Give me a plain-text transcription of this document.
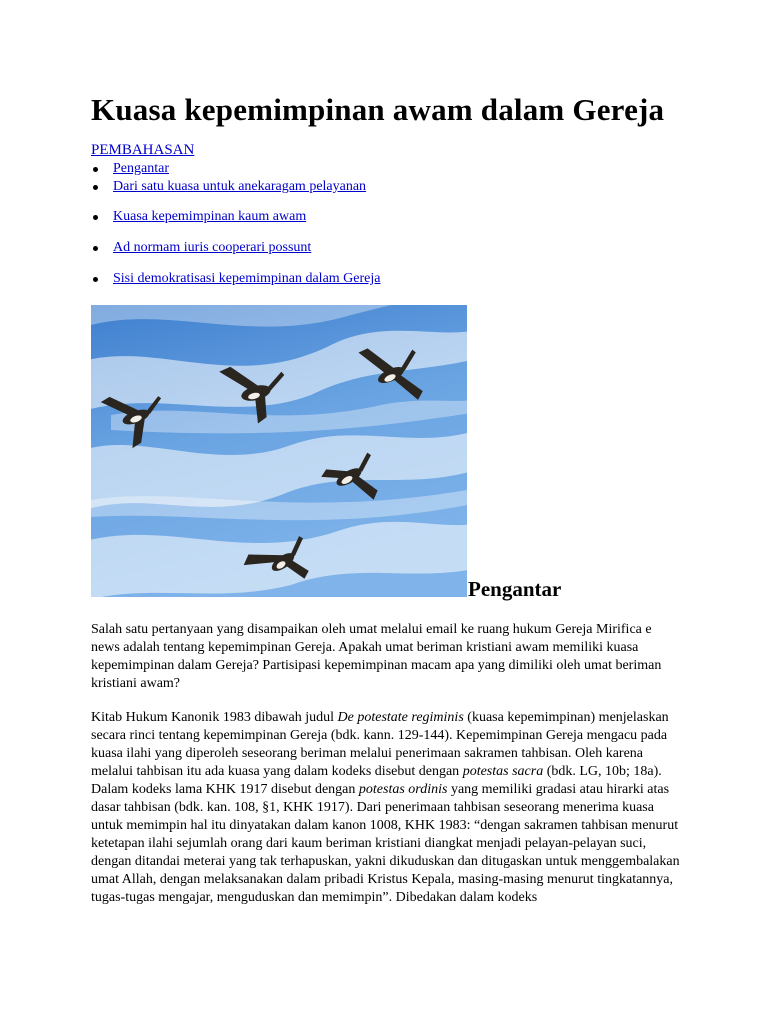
Kuasa kepemimpinan awam dalam Gereja
PEMBAHASAN
Pengantar
Dari satu kuasa untuk anekaragam pelayanan
Kuasa kepemimpinan kaum awam
Ad normam iuris cooperari possunt
Sisi demokratisasi kepemimpinan dalam Gereja
Pengantar

Salah satu pertanyaan yang disampaikan oleh umat melalui email ke ruang hukum Gereja Mirifica e news adalah tentang kepemimpinan Gereja. Apakah umat beriman kristiani awam memiliki kuasa kepemimpinan dalam Gereja? Partisipasi kepemimpinan macam apa yang dimiliki oleh umat beriman kristiani awam?

Kitab Hukum Kanonik 1983 dibawah judul De potestate regiminis (kuasa kepemimpinan) menjelaskan secara rinci tentang kepemimpinan Gereja (bdk. kann. 129-144). Kepemimpinan Gereja mengacu pada kuasa ilahi yang diperoleh seseorang beriman melalui penerimaan sakramen tahbisan. Oleh karena melalui tahbisan itu ada kuasa yang dalam kodeks disebut dengan potestas sacra (bdk. LG, 10b; 18a). Dalam kodeks lama KHK 1917 disebut dengan potestas ordinis yang memiliki gradasi atau hirarki atas dasar tahbisan (bdk. kan. 108, §1, KHK 1917). Dari penerimaan tahbisan seseorang menerima kuasa untuk memimpin hal itu dinyatakan dalam kanon 1008, KHK 1983: “dengan sakramen tahbisan menurut ketetapan ilahi sejumlah orang dari kaum beriman kristiani diangkat menjadi pelayan-pelayan suci, dengan ditandai meterai yang tak terhapuskan, yakni dikuduskan dan ditugaskan untuk menggembalakan umat Allah, dengan melaksanakan dalam pribadi Kristus Kepala, masing-masing menurut tingkatannya, tugas-tugas mengajar, menguduskan dan memimpin”. Dibedakan dalam kodeks
